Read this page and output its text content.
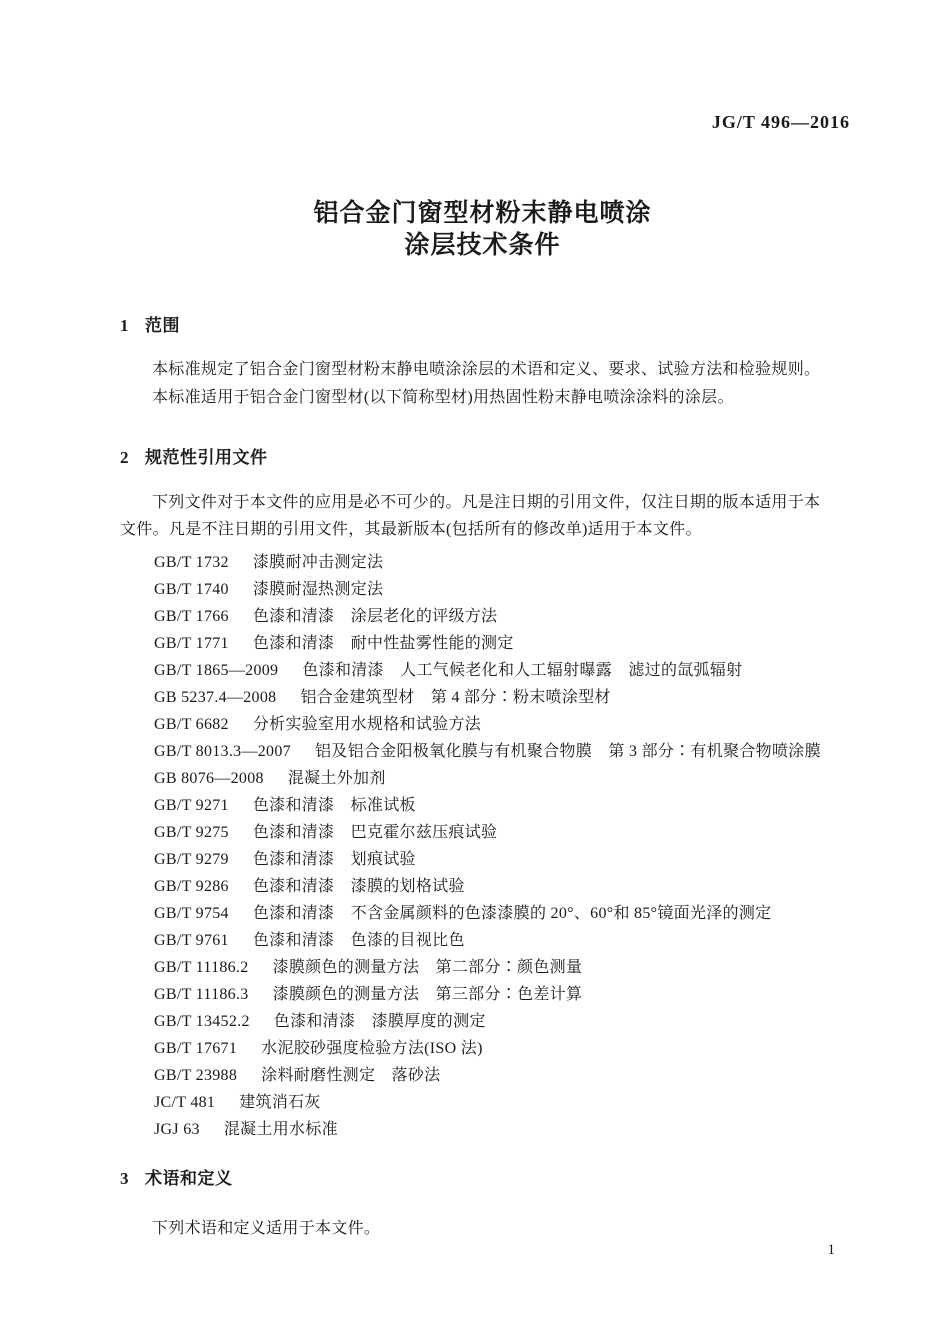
JG/T 496—2016
铝合金门窗型材粉末静电喷涂
涂层技术条件
1 范围

本标准规定了铝合金门窗型材粉末静电喷涂涂层的术语和定义、要求、试验方法和检验规则。

本标准适用于铝合金门窗型材(以下简称型材)用热固性粉末静电喷涂涂料的涂层。

2 规范性引用文件

下列文件对于本文件的应用是必不可少的。凡是注日期的引用文件，仅注日期的版本适用于本文件。凡是不注日期的引用文件，其最新版本(包括所有的修改单)适用于本文件。

GB/T 1732 漆膜耐冲击测定法
GB/T 1740 漆膜耐湿热测定法
GB/T 1766 色漆和清漆　涂层老化的评级方法
GB/T 1771 色漆和清漆　耐中性盐雾性能的测定
GB/T 1865—2009 色漆和清漆　人工气候老化和人工辐射曝露　滤过的氙弧辐射
GB 5237.4—2008 铝合金建筑型材　第 4 部分∶粉末喷涂型材
GB/T 6682 分析实验室用水规格和试验方法
GB/T 8013.3—2007 铝及铝合金阳极氧化膜与有机聚合物膜　第 3 部分∶有机聚合物喷涂膜
GB 8076—2008 混凝土外加剂
GB/T 9271 色漆和清漆　标准试板
GB/T 9275 色漆和清漆　巴克霍尔兹压痕试验
GB/T 9279 色漆和清漆　划痕试验
GB/T 9286 色漆和清漆　漆膜的划格试验
GB/T 9754 色漆和清漆　不含金属颜料的色漆漆膜的 20°、60°和 85°镜面光泽的测定
GB/T 9761 色漆和清漆　色漆的目视比色
GB/T 11186.2 漆膜颜色的测量方法　第二部分∶颜色测量
GB/T 11186.3 漆膜颜色的测量方法　第三部分∶色差计算
GB/T 13452.2 色漆和清漆　漆膜厚度的测定
GB/T 17671 水泥胶砂强度检验方法(ISO 法)
GB/T 23988 涂料耐磨性测定　落砂法
JC/T 481 建筑消石灰
JGJ 63 混凝土用水标准
3 术语和定义

下列术语和定义适用于本文件。

1
